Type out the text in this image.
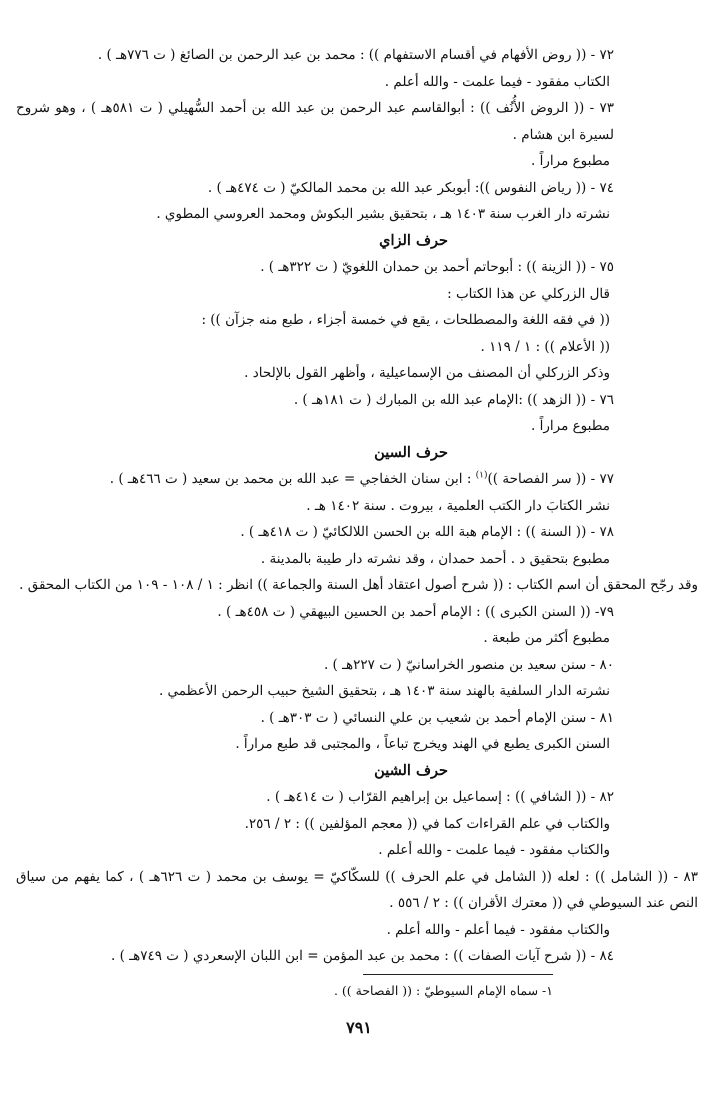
٧٢ - (( روض الأفهام في أقسام الاستفهام )) : محمد بن عبد الرحمن بن الصائغ ( ت ٧٧٦هـ ) .
الكتاب مفقود - فيما علمت - والله أعلم .
٧٣ - (( الروض الأُنُف )) : أبوالقاسم عبد الرحمن بن عبد الله بن أحمد السُّهيلي ( ت ٥٨١هـ ) ، وهو شروح لسيرة ابن هشام .
مطبوع مراراً .
٧٤ - (( رياض النفوس )): أبوبكر عبد الله بن محمد المالكيّ ( ت ٤٧٤هـ ) .
نشرته دار الغرب سنة ١٤٠٣ هـ ، بتحقيق بشير البكوش ومحمد العروسي المطوي .
حرف الزاي
٧٥ - (( الزينة )) : أبوحاتم أحمد بن حمدان اللغويّ ( ت ٣٢٢هـ ) .
قال الزركلي عن هذا الكتاب :
(( في فقه اللغة والمصطلحات ، يقع في خمسة أجزاء ، طبع منه جزآن )) :
(( الأعلام )) : ١ / ١١٩ .
وذكر الزركلي أن المصنف من الإسماعيلية ، وأظهر القول بالإلحاد .
٧٦ - (( الزهد )) :الإمام عبد الله بن المبارك ( ت ١٨١هـ ) .
مطبوع مراراً .
حرف السين
٧٧ - (( سر الفصاحة ))$^{(١)}$ : ابن سنان الخفاجي = عبد الله بن محمد بن سعيد ( ت ٤٦٦هـ ) .
نشر الكتابَ دار الكتب العلمية ، بيروت . سنة ١٤٠٢ هـ .
٧٨ - (( السنة )) : الإمام هبة الله بن الحسن اللالكائيّ ( ت ٤١٨هـ ) .
مطبوع بتحقيق د . أحمد حمدان ، وقد نشرته دار طيبة بالمدينة .
وقد رجّح المحقق أن اسم الكتاب : (( شرح أصول اعتقاد أهل السنة والجماعة )) انظر : ١ / ١٠٨ - ١٠٩ من الكتاب المحقق .
٧٩- (( السنن الكبرى )) : الإمام أحمد بن الحسين البيهقي ( ت ٤٥٨هـ ) .
مطبوع أكثر من طبعة .
٨٠ - سنن سعيد بن منصور الخراسانيّ ( ت ٢٢٧هـ ) .
نشرته الدار السلفية بالهند سنة ١٤٠٣ هـ ، بتحقيق الشيخ حبيب الرحمن الأعظمي .
٨١ - سنن الإمام أحمد بن شعيب بن علي النسائي ( ت ٣٠٣هـ ) .
السنن الكبرى يطبع في الهند ويخرج تباعاً ، والمجتبى قد طبع مراراً .
حرف الشين
٨٢ - (( الشافي )) : إسماعيل بن إبراهيم القرّاب ( ت ٤١٤هـ ) .
والكتاب في علم القراءات كما في (( معجم المؤلفين )) : ٢ / ٢٥٦.
والكتاب مفقود - فيما علمت - والله أعلم .
٨٣ - (( الشامل )) : لعله (( الشامل في علم الحرف )) للسكّاكيّ = يوسف بن محمد ( ت ٦٢٦هـ ) ، كما يفهم من سياق النص عند السيوطي في (( معترك الأقران )) : ٢ / ٥٥٦ .
والكتاب مفقود - فيما أعلم - والله أعلم .
٨٤ - (( شرح آيات الصفات )) : محمد بن عبد المؤمن = ابن اللبان الإسعردي ( ت ٧٤٩هـ ) .
١- سماه الإمام السيوطيّ : (( الفصاحة )) .
٧٩١
